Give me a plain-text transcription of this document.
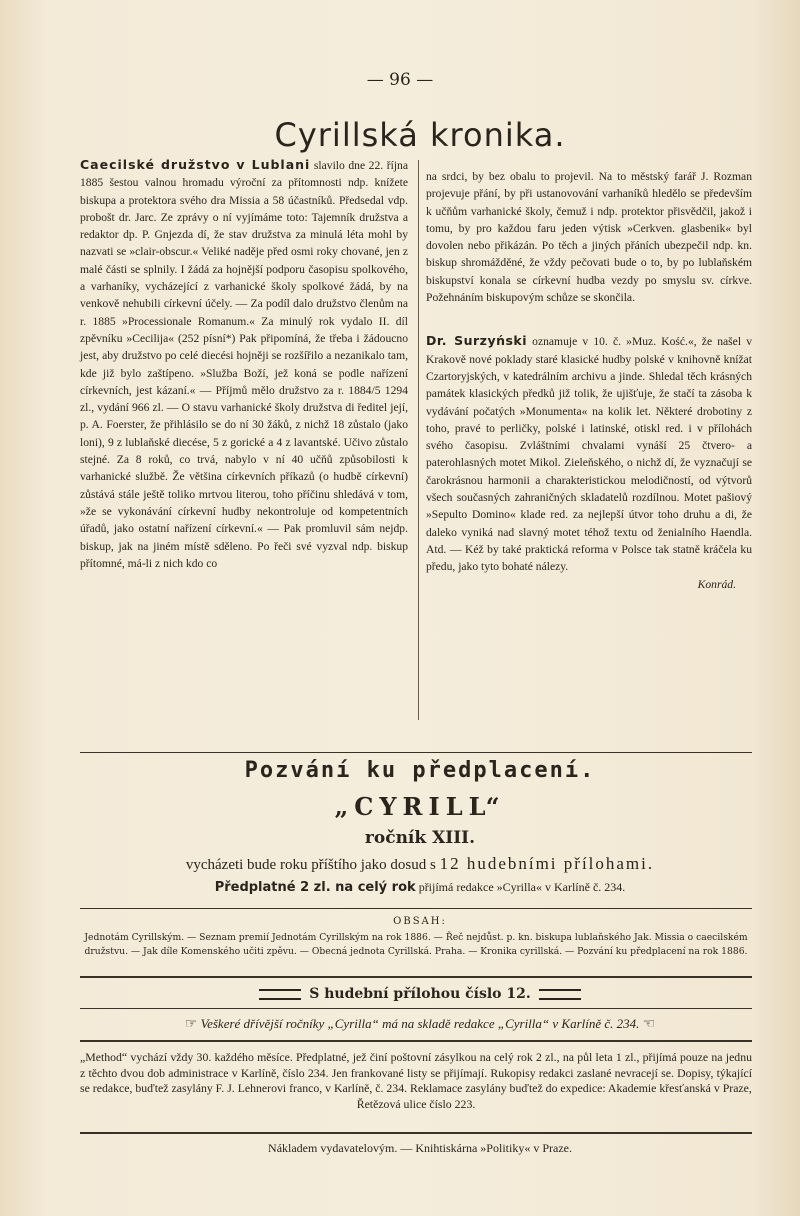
— 96 —
Cyrillská kronika.

Caecilské družstvo v Lublani slavilo dne 22. října 1885 šestou valnou hromadu výroční za přítomnosti ndp. knížete biskupa a protektora svého dra Missia a 58 účastníků. Předsedal vdp. probošt dr. Jarc. Ze zprávy o ní vyjímáme toto: Tajemník družstva a redaktor dp. P. Gnjezda dí, že stav družstva za minulá léta mohl by nazvati se »clair-obscur.« Veliké naděje před osmi roky chované, jen z malé části se splnily. I žádá za hojnější podporu časopisu spolkového, a varhaníky, vycházející z varhanické školy spolkové žádá, by na venkově nehubili církevní účely. — Za podíl dalo družstvo členům na r. 1885 »Processionale Romanum.« Za minulý rok vydalo II. díl zpěvníku »Cecilija« (252 písní*) Pak připomíná, že třeba i žádoucno jest, aby družstvo po celé diecési hojněji se rozšířilo a nezanikalo tam, kde již bylo zaštípeno. »Služba Boží, jež koná se podle nařízení církevních, jest kázaní.« — Příjmů mělo družstvo za r. 1884/5 1294 zl., vydání 966 zl. — O stavu varhanické školy družstva di ředitel její, p. A. Foerster, že přihlásilo se do ní 30 žáků, z nichž 18 zůstalo (jako loni), 9 z lublaňské diecése, 5 z gorické a 4 z lavantské. Učivo zůstalo stejné. Za 8 roků, co trvá, nabylo v ní 40 učňů způsobilosti k varhanické službě. Že většina církevních příkazů (o hudbě církevní) zůstává stále ještě toliko mrtvou literou, toho příčinu shledává v tom, »že se vykonávání církevní hudby nekontroluje od kompetentních úřadů, jako ostatní nařízení církevní.« — Pak promluvil sám nejdp. biskup, jak na jiném místě sděleno. Po řeči své vyzval ndp. biskup přítomné, má-li z nich kdo co

na srdci, by bez obalu to projevil. Na to městský farář J. Rozman projevuje přání, by při ustanovování varhaníků hledělo se především k učňům varhanické školy, čemuž i ndp. protektor přisvědčil, jakož i tomu, by pro každou faru jeden výtisk »Cerkven. glasbenik« byl dovolen nebo přikázán. Po těch a jiných přáních ubezpečil ndp. kn. biskup shromážděné, že vždy pečovati bude o to, by po lublaňském biskupství konala se církevní hudba vezdy po smyslu sv. církve. Požehnáním biskupovým schůze se skončila.

Dr. Surzyński oznamuje v 10. č. »Muz. Kość.«, že našel v Krakově nové poklady staré klasické hudby polské v knihovně knížat Czartoryjských, v katedrálním archivu a jinde. Shledal těch krásných památek klasických předků již tolik, že ujišťuje, že stačí ta zásoba k vydávání počatých »Monumenta« na kolik let. Některé drobotiny z toho, pravé to perličky, polské i latinské, otiskl red. i v přílohách svého časopisu. Zvláštními chvalami vynáší 25 čtvero- a paterohlasných motet Mikol. Zieleňského, o nichž dí, že vyznačují se čarokrásnou harmonii a charakteristickou melodičností, od výtvorů všech současných zahraničných skladatelů rozdílnou. Motet pašiový »Sepulto Domino« klade red. za nejlepší útvor toho druhu a di, že daleko vyniká nad slavný motet téhož textu od ženialního Haendla. Atd. — Kéž by také praktická reforma v Polsce tak statně kráčela ku předu, jako tyto bohaté nálezy.

Konrád.

Pozvání ku předplacení.
„CYRILL“
ročník XIII.
vycházeti bude roku příštího jako dosud s 12 hudebními přílohami.
Předplatné 2 zl. na celý rok přijímá redakce »Cyrilla« v Karlíně č. 234.
OBSAH:
Jednotám Cyrillským. — Seznam premií Jednotám Cyrillským na rok 1886. — Řeč nejdůst. p. kn. biskupa lublaňského Jak. Missia o caecilském družstvu. — Jak díle Komenského učiti zpěvu. — Obecná jednota Cyrillská. Praha. — Kronika cyrillská. — Pozvání ku předplacení na rok 1886.
S hudební přílohou číslo 12.
☞ Veškeré dřívější ročníky „Cyrilla“ má na skladě redakce „Cyrilla“ v Karlíně č. 234. ☜
„Method“ vychází vždy 30. každého měsíce. Předplatné, jež činí poštovní zásylkou na celý rok 2 zl., na půl leta 1 zl., přijímá pouze na jednu z těchto dvou dob administrace v Karlíně, číslo 234. Jen frankované listy se přijímají. Rukopisy redakci zaslané nevracejí se. Dopisy, týkající se redakce, buďtež zasylány F. J. Lehnerovi franco, v Karlíně, č. 234. Reklamace zasylány buďtež do expedice: Akademie křesťanská v Praze,
Řetězová ulice číslo 223.
Nákladem vydavatelovým. — Knihtiskárna »Politiky« v Praze.
